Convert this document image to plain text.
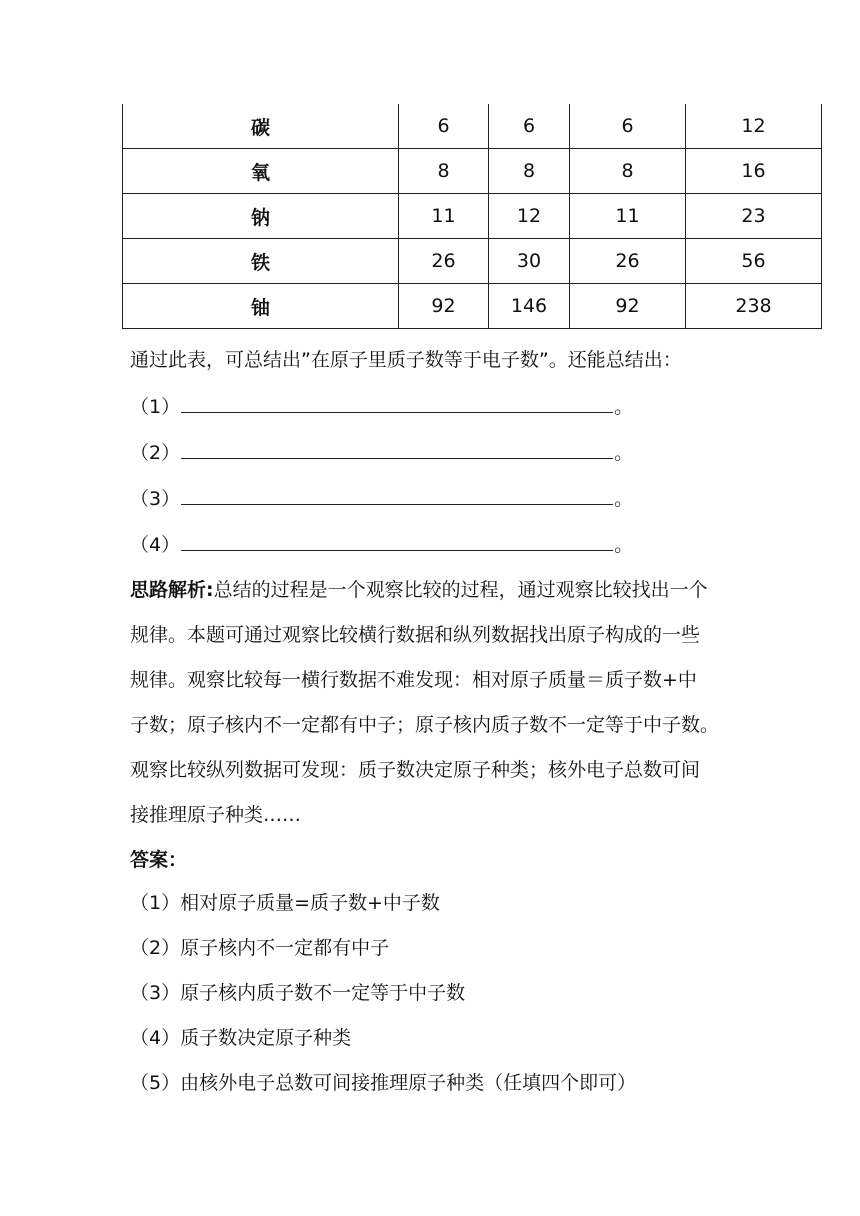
碳	6	6	6	12
氧	8	8	8	16
钠	11	12	11	23
铁	26	30	26	56
铀	92	146	92	238
通过此表，可总结出”在原子里质子数等于电子数”。还能总结出：
（1）	。
（2）	。
（3）	。
（4）	。
思路解析:总结的过程是一个观察比较的过程，通过观察比较找出一个
规律。本题可通过观察比较横行数据和纵列数据找出原子构成的一些
规律。观察比较每一横行数据不难发现：相对原子质量＝质子数+中
子数；原子核内不一定都有中子；原子核内质子数不一定等于中子数。
观察比较纵列数据可发现：质子数决定原子种类；核外电子总数可间
接推理原子种类……
答案：
（1）相对原子质量=质子数+中子数
（2）原子核内不一定都有中子
（3）原子核内质子数不一定等于中子数
（4）质子数决定原子种类
（5）由核外电子总数可间接推理原子种类（任填四个即可）
